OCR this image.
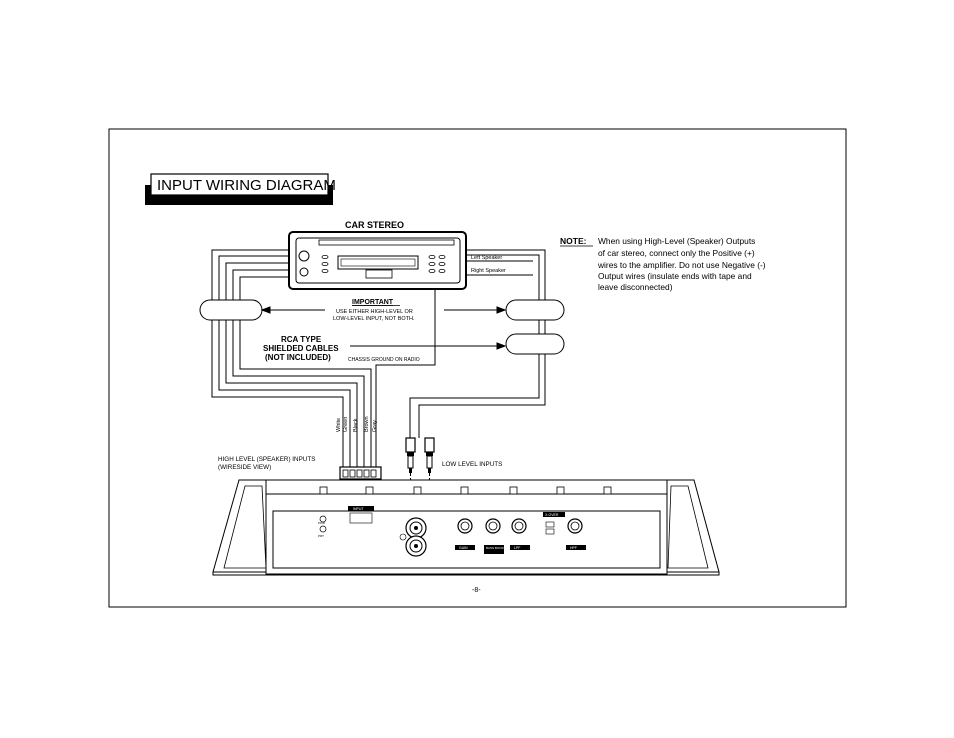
INPUT WIRING DIAGRAM
CAR STEREO
Left Speaker
Right Speaker
IMPORTANT
USE EITHER HIGH-LEVEL OR
LOW-LEVEL INPUT, NOT BOTH.
RCA TYPE
SHIELDED CABLES
(NOT INCLUDED)	CHASSIS GROUND ON RADIO
White Green Black Brown Gray
HIGH LEVEL (SPEAKER) INPUTS
(WIRESIDE VIEW)	LOW LEVEL INPUTS
PWR
PRT
INPUT
X-OVER
GAIN	BASS BOOST LPF	HPF
NOTE: When using High-Level (Speaker) Outputs
of car stereo, connect only the Positive (+)
wires to the amplifier. Do not use Negative (-)
Output wires (insulate ends with tape and
leave disconnected)
-8-
